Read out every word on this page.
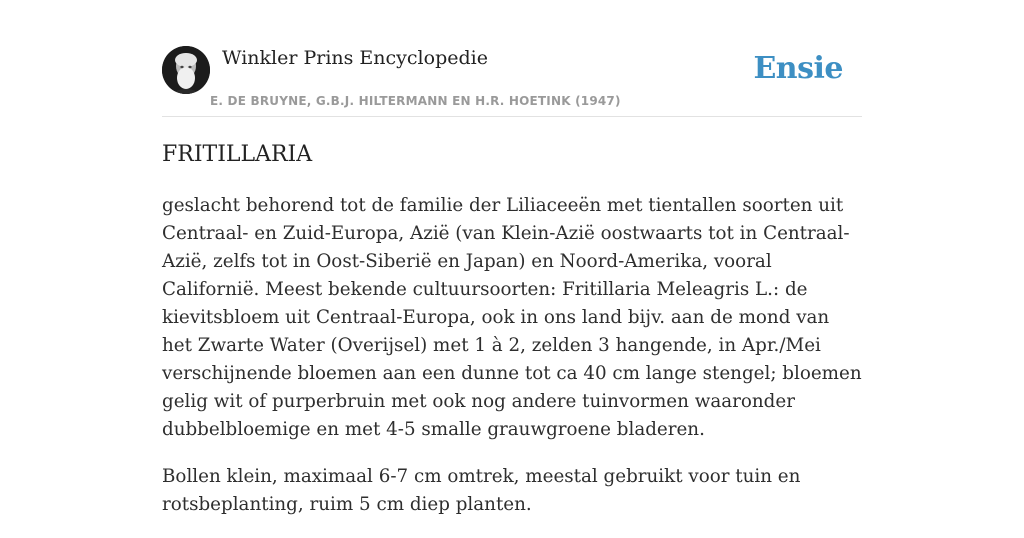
Winkler Prins Encyclopedie
E. DE BRUYNE, G.B.J. HILTERMANN EN H.R. HOETINK (1947)
Ensie
FRITILLARIA

geslacht behorend tot de familie der Liliaceeën met tientallen soorten uit Centraal- en Zuid-Europa, Azië (van Klein-Azië oostwaarts tot in Centraal-Azië, zelfs tot in Oost-Siberië en Japan) en Noord-Amerika, vooral Californië. Meest bekende cultuursoorten: Fritillaria Meleagris L.: de kievitsbloem uit Centraal-Europa, ook in ons land bijv. aan de mond van het Zwarte Water (Overijsel) met 1 à 2, zelden 3 hangende, in Apr./Mei verschijnende bloemen aan een dunne tot ca 40 cm lange stengel; bloemen gelig wit of purperbruin met ook nog andere tuinvormen waaronder dubbelbloemige en met 4-5 smalle grauwgroene bladeren.

Bollen klein, maximaal 6-7 cm omtrek, meestal gebruikt voor tuin en rotsbeplanting, ruim 5 cm diep planten.
